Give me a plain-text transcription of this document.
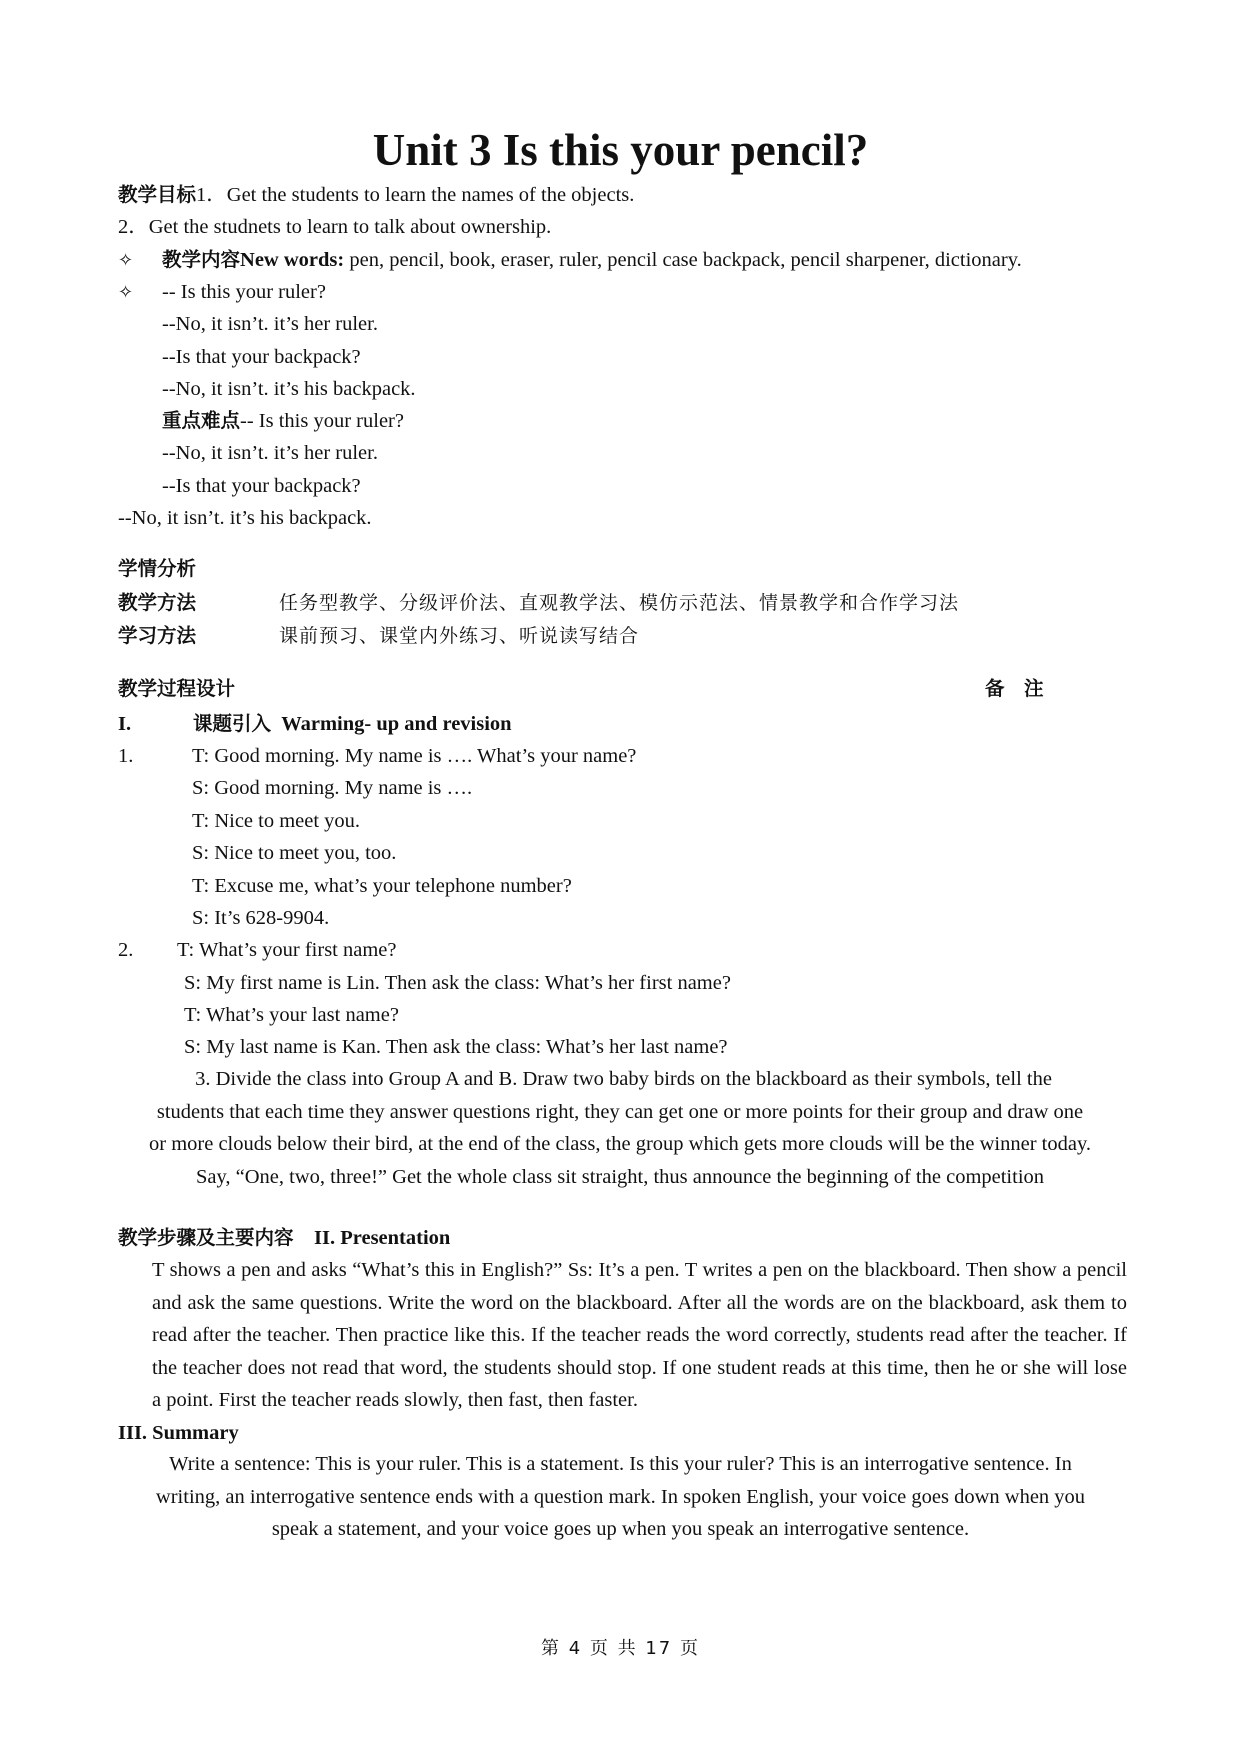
Unit 3 Is this your pencil?
教学目标1．Get the students to learn the names of the objects.
2．Get the studnets to learn to talk about ownership.
✧ 教学内容New words: pen, pencil, book, eraser, ruler, pencil case backpack, pencil sharpener, dictionary.
✧ -- Is this your ruler?
--No, it isn’t. it’s her ruler.
--Is that your backpack?
--No, it isn’t. it’s his backpack.
重点难点-- Is this your ruler?
--No, it isn’t. it’s her ruler.
--Is that your backpack?
--No, it isn’t. it’s his backpack.
学情分析
教学方法	任务型教学、分级评价法、直观教学法、模仿示范法、情景教学和合作学习法
学习方法	课前预习、课堂内外练习、听说读写结合
教学过程设计	备　注
I.	课题引入 Warming- up and revision
1.	T: Good morning. My name is …. What’s your name?
S: Good morning. My name is ….
T: Nice to meet you.
S: Nice to meet you, too.
T: Excuse me, what’s your telephone number?
S: It’s 628-9904.
2. T: What’s your first name?
S: My first name is Lin. Then ask the class: What’s her first name?
T: What’s your last name?
S: My last name is Kan. Then ask the class: What’s her last name?
3. Divide the class into Group A and B. Draw two baby birds on the blackboard as their symbols, tell the
students that each time they answer questions right, they can get one or more points for their group and draw one
or more clouds below their bird, at the end of the class, the group which gets more clouds will be the winner today.
Say, “One, two, three!” Get the whole class sit straight, thus announce the beginning of the competition
教学步骤及主要内容 II. Presentation
T shows a pen and asks “What’s this in English?” Ss: It’s a pen. T writes a pen on the blackboard. Then show a pencil and ask the same questions. Write the word on the blackboard. After all the words are on the blackboard, ask them to read after the teacher. Then practice like this. If the teacher reads the word correctly, students read after the teacher. If the teacher does not read that word, the students should stop. If one student reads at this time, then he or she will lose a point. First the teacher reads slowly, then fast, then faster.
III. Summary
Write a sentence: This is your ruler. This is a statement. Is this your ruler? This is an interrogative sentence. In
writing, an interrogative sentence ends with a question mark. In spoken English, your voice goes down when you
speak a statement, and your voice goes up when you speak an interrogative sentence.
第 4 页 共 17 页
